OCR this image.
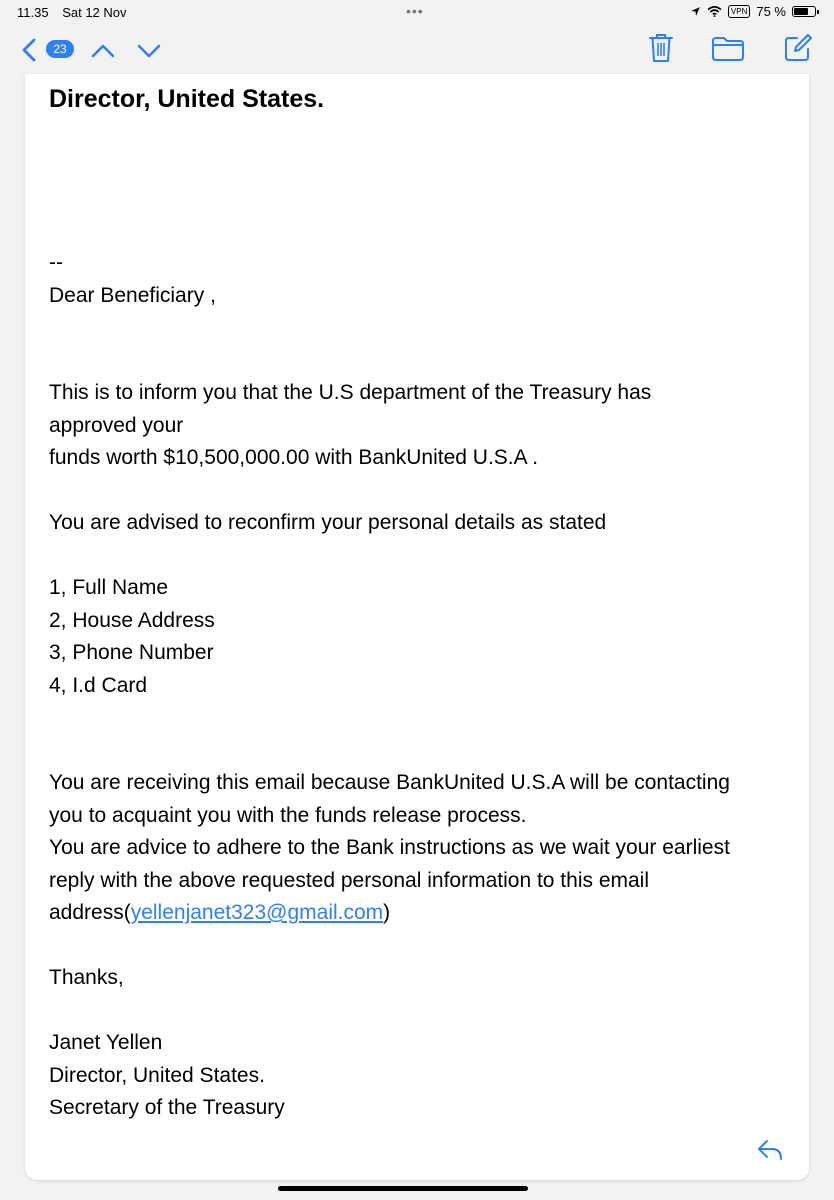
11.35 Sat 12 Nov	•••	VPN 75 %
23

Director, United States.

--

Dear Beneficiary ,

This is to inform you that the U.S department of the Treasury has

approved your

funds worth $10,500,000.00 with BankUnited U.S.A .

You are advised to reconfirm your personal details as stated

1, Full Name

2, House Address

3, Phone Number

4, I.d Card

You are receiving this email because BankUnited U.S.A will be contacting

you to acquaint you with the funds release process.

You are advice to adhere to the Bank instructions as we wait your earliest

reply with the above requested personal information to this email

address(yellenjanet323@gmail.com)

Thanks,

Janet Yellen

Director, United States.

Secretary of the Treasury
